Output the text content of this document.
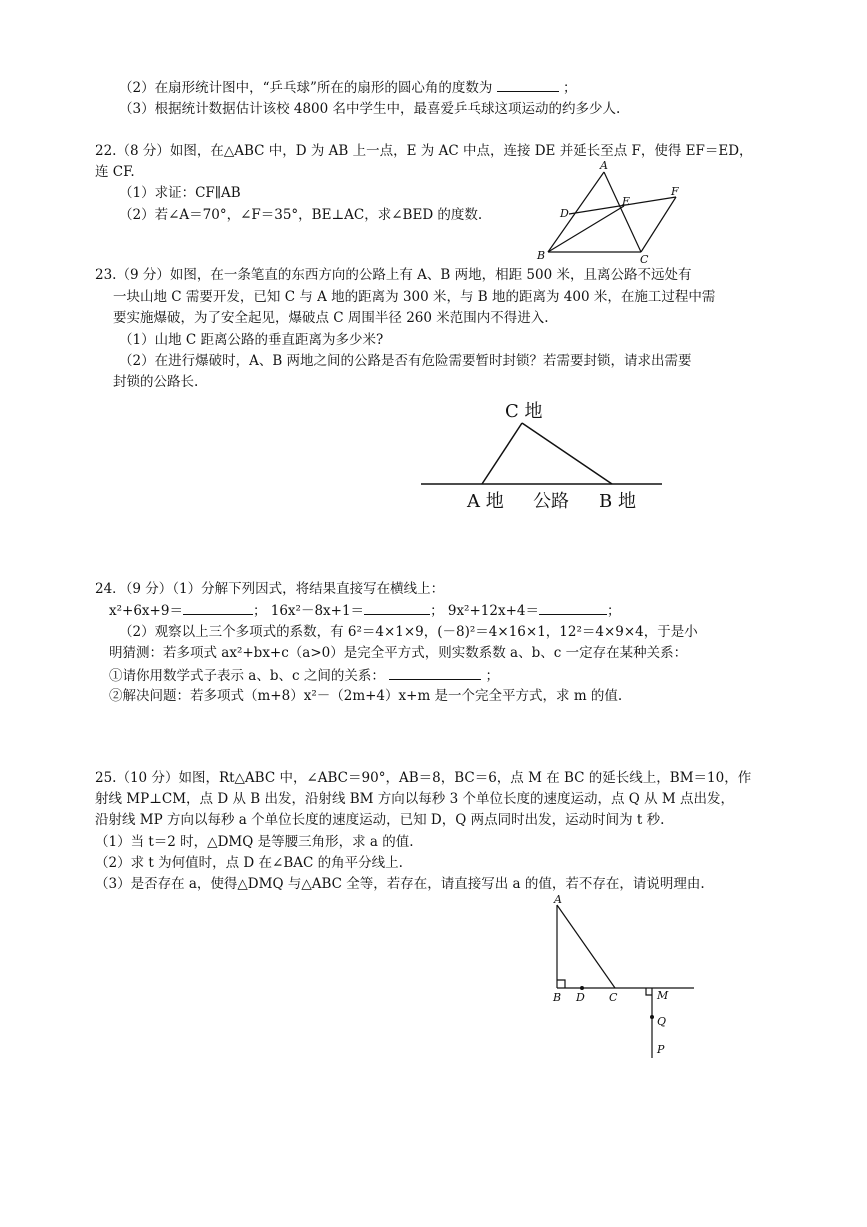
（2）在扇形统计图中，“乒乓球”所在的扇形的圆心角的度数为	；
（3）根据统计数据估计该校 4800 名中学生中，最喜爱乒乓球这项运动的约多少人.
22.（8 分）如图，在△ABC 中，D 为 AB 上一点，E 为 AC 中点，连接 DE 并延长至点 F，使得 EF＝ED，
连 CF.
（1）求证：CF∥AB
（2）若∠A＝70°，∠F＝35°，BE⊥AC，求∠BED 的度数.
A
B	C
D
E
F
23.（9 分）如图，在一条笔直的东西方向的公路上有 A、B 两地，相距 500 米，且离公路不远处有
一块山地 C 需要开发，已知 C 与 A 地的距离为 300 米，与 B 地的距离为 400 米，在施工过程中需
要实施爆破，为了安全起见，爆破点 C 周围半径 260 米范围内不得进入.
（1）山地 C 距离公路的垂直距离为多少米?
（2）在进行爆破时，A、B 两地之间的公路是否有危险需要暂时封锁？若需要封锁，请求出需要
封锁的公路长.
C 地
A 地 公路 B 地
24．（9 分）（1）分解下列因式，将结果直接写在横线上：
x²+6x+9＝	； 16x²－8x+1＝	； 9x²+12x+4＝	；
（2）观察以上三个多项式的系数，有 6²＝4×1×9，(－8)²＝4×16×1，12²＝4×9×4，于是小
明猜测：若多项式 ax²+bx+c（a>0）是完全平方式，则实数系数 a、b、c 一定存在某种关系：
①请你用数学式子表示 a、b、c 之间的关系：	；
②解决问题：若多项式（m+8）x²－（2m+4）x+m 是一个完全平方式，求 m 的值.
25.（10 分）如图，Rt△ABC 中，∠ABC＝90°，AB＝8，BC＝6，点 M 在 BC 的延长线上，BM＝10，作
射线 MP⊥CM，点 D 从 B 出发，沿射线 BM 方向以每秒 3 个单位长度的速度运动，点 Q 从 M 点出发，
沿射线 MP 方向以每秒 a 个单位长度的速度运动，已知 D，Q 两点同时出发，运动时间为 t 秒.
（1）当 t＝2 时，△DMQ 是等腰三角形，求 a 的值.
（2）求 t 为何值时，点 D 在∠BAC 的角平分线上.
（3）是否存在 a，使得△DMQ 与△ABC 全等，若存在，请直接写出 a 的值，若不存在，请说明理由.
A
B D C	M
Q
P
